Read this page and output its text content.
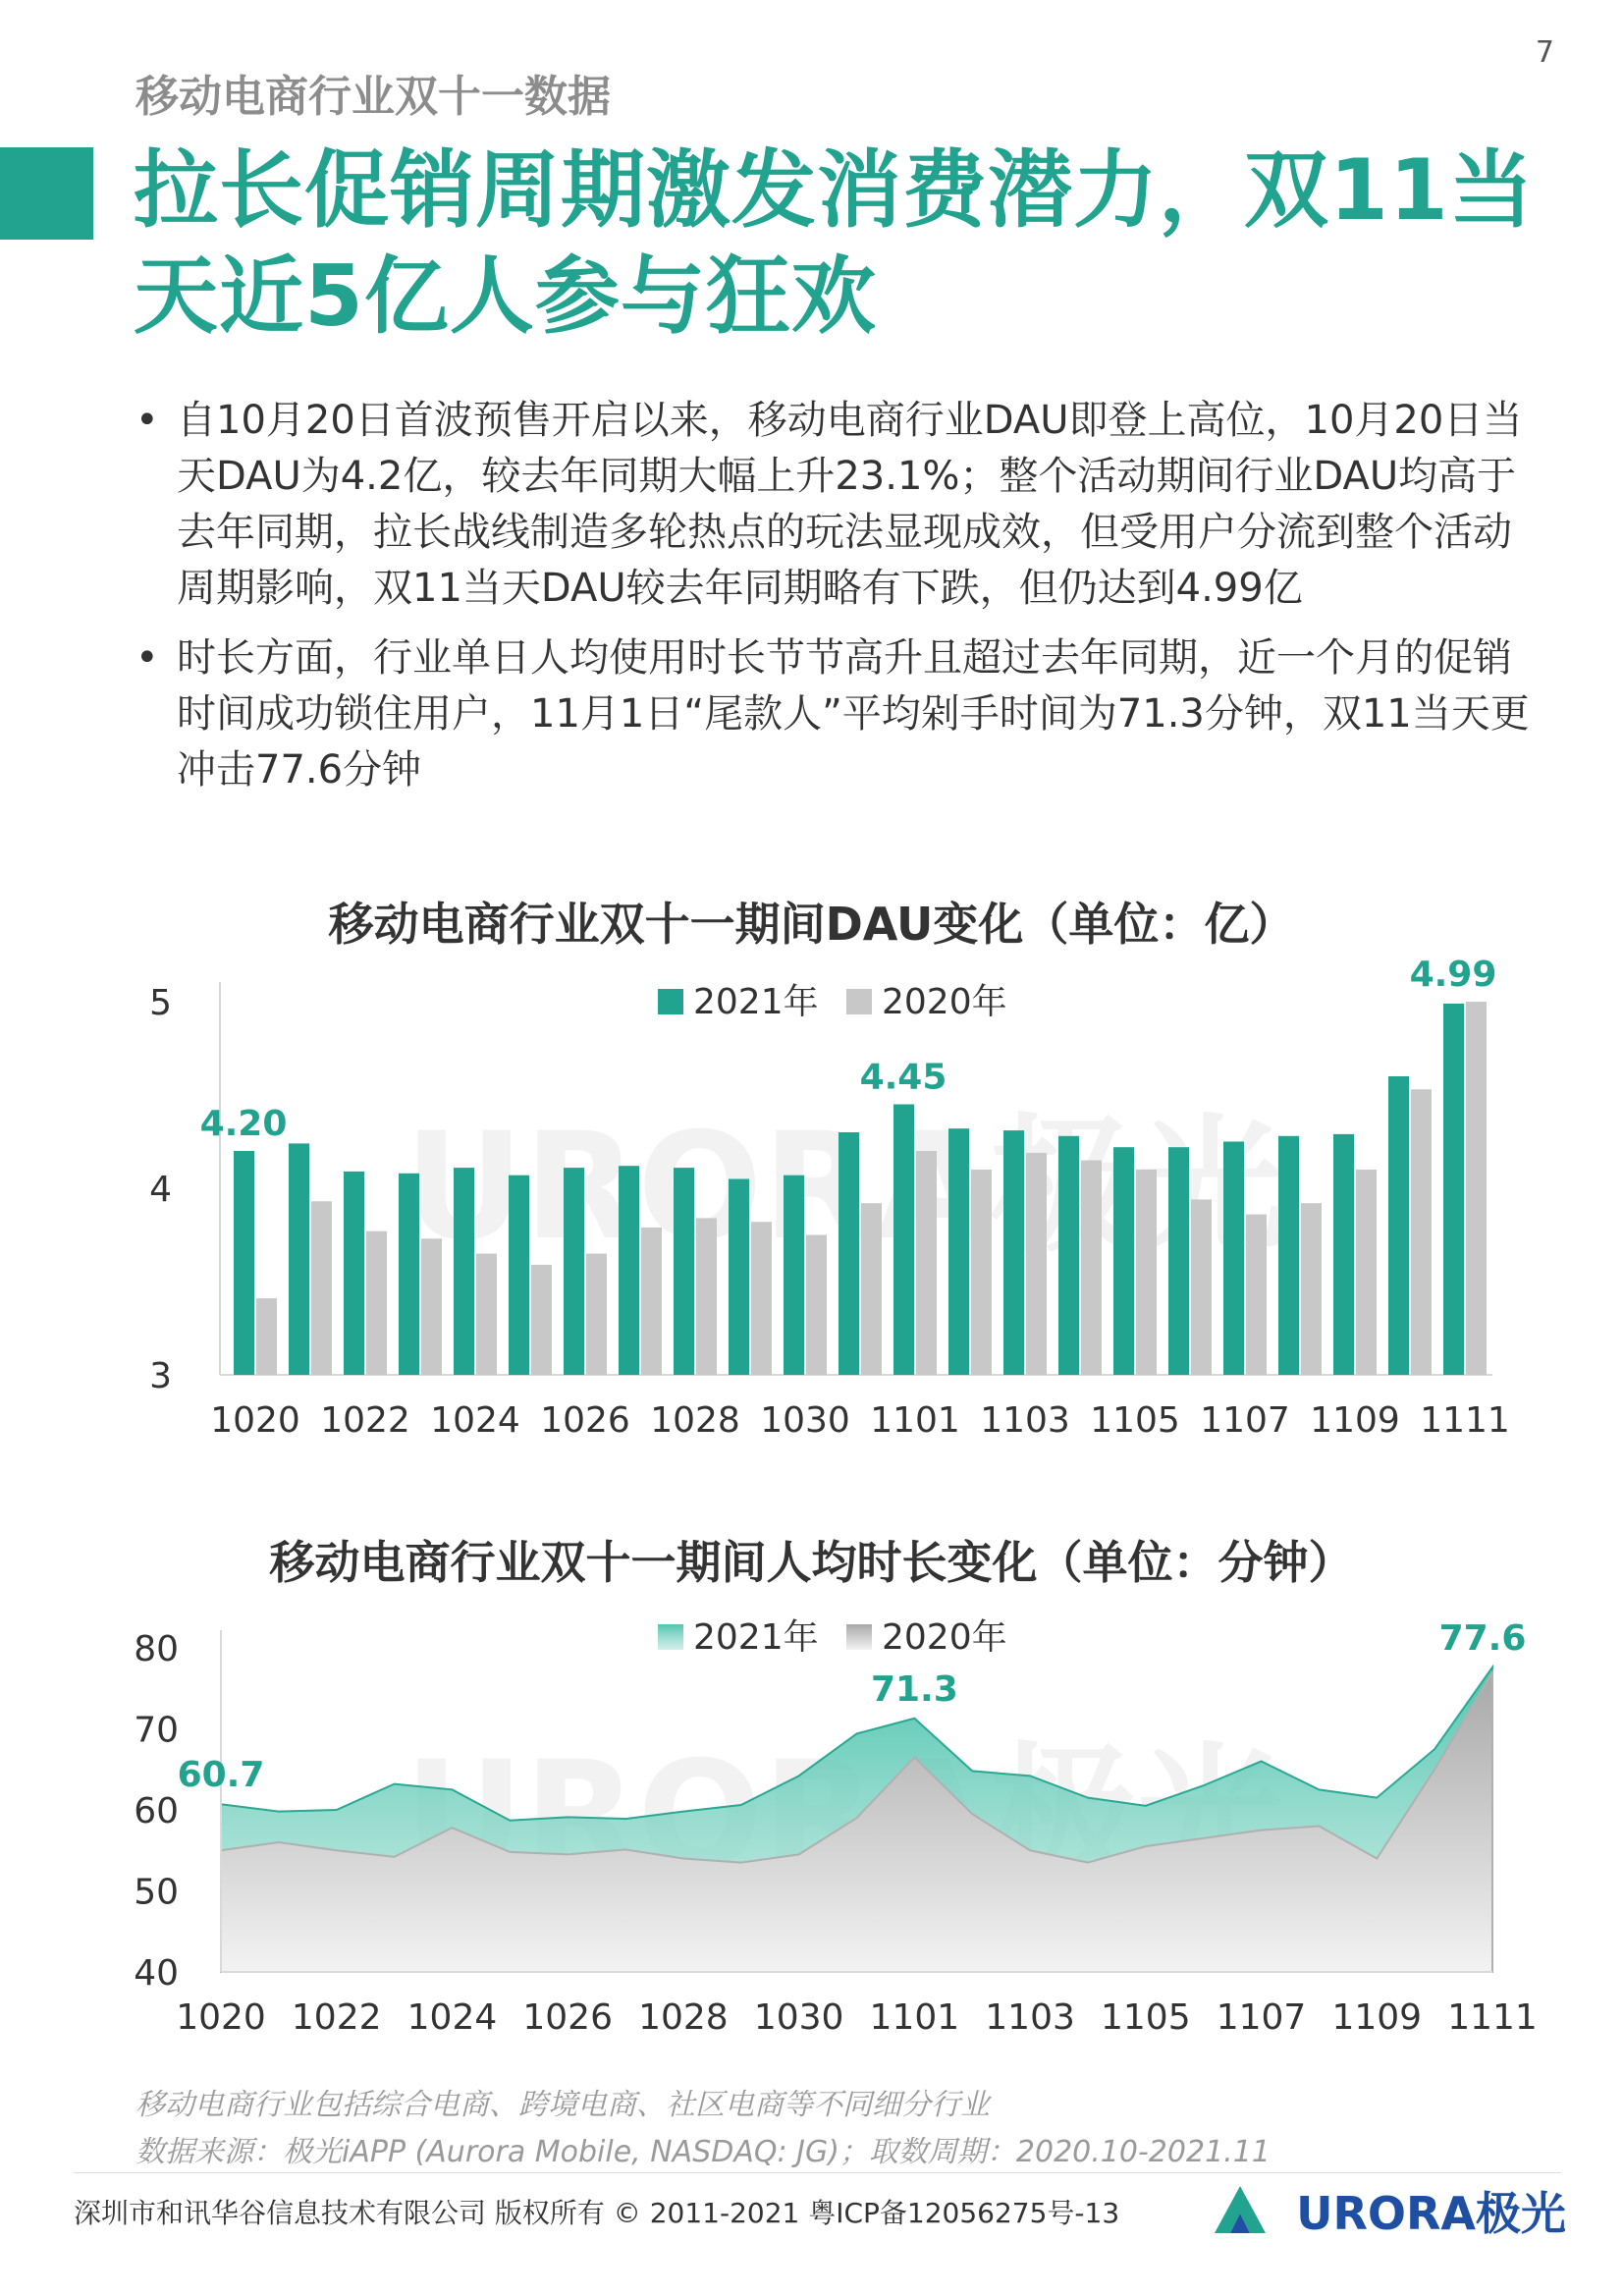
7
移动电商行业双十一数据
拉长促销周期激发消费潜力，双11当天近5亿人参与狂欢
• 自10月20日首波预售开启以来，移动电商行业DAU即登上高位，10月20日当天DAU为4.2亿，较去年同期大幅上升23.1%；整个活动期间行业DAU均高于去年同期，拉长战线制造多轮热点的玩法显现成效，但受用户分流到整个活动周期影响，双11当天DAU较去年同期略有下跌，但仍达到4.99亿
• 时长方面，行业单日人均使用时长节节高升且超过去年同期，近一个月的促销时间成功锁住用户，11月1日“尾款人”平均剁手时间为71.3分钟，双11当天更冲击77.6分钟
移动电商行业双十一期间DAU变化（单位：亿）
3
4
5
1020 1022 1024 1026 1028 1030 1101 1103 1105 1107 1109 1111
4.20
4.45
4.99
2021年 2020年
移动电商行业双十一期间人均时长变化（单位：分钟）
40
50
60
70
80
1020 1022 1024 1026 1028 1030 1101 1103 1105 1107 1109 1111
60.7
71.3
77.6
2021年 2020年
移动电商行业包括综合电商、跨境电商、社区电商等不同细分行业
数据来源：极光iAPP (Aurora Mobile, NASDAQ: JG)；取数周期：2020.10-2021.11
深圳市和讯华谷信息技术有限公司 版权所有 © 2011-2021 粤ICP备12056275号-13	URORA极光
